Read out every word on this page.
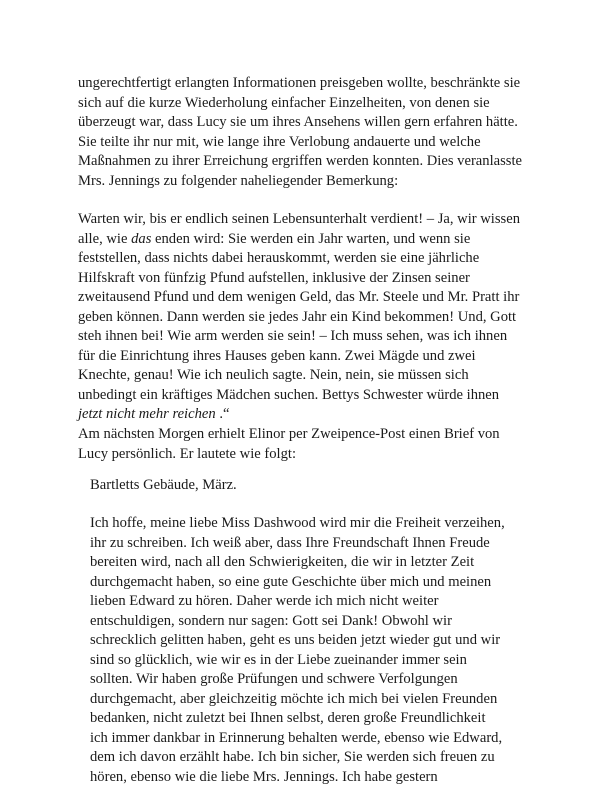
ungerechtfertigt erlangten Informationen preisgeben wollte, beschränkte sie
sich auf die kurze Wiederholung einfacher Einzelheiten, von denen sie
überzeugt war, dass Lucy sie um ihres Ansehens willen gern erfahren hätte.
Sie teilte ihr nur mit, wie lange ihre Verlobung andauerte und welche
Maßnahmen zu ihrer Erreichung ergriffen werden konnten. Dies veranlasste
Mrs. Jennings zu folgender naheliegender Bemerkung:
Warten wir, bis er endlich seinen Lebensunterhalt verdient! – Ja, wir wissen
alle, wie das enden wird: Sie werden ein Jahr warten, und wenn sie
feststellen, dass nichts dabei herauskommt, werden sie eine jährliche
Hilfskraft von fünfzig Pfund aufstellen, inklusive der Zinsen seiner
zweitausend Pfund und dem wenigen Geld, das Mr. Steele und Mr. Pratt ihr
geben können. Dann werden sie jedes Jahr ein Kind bekommen! Und, Gott
steh ihnen bei! Wie arm werden sie sein! – Ich muss sehen, was ich ihnen
für die Einrichtung ihres Hauses geben kann. Zwei Mägde und zwei
Knechte, genau! Wie ich neulich sagte. Nein, nein, sie müssen sich
unbedingt ein kräftiges Mädchen suchen. Bettys Schwester würde ihnen
jetzt nicht mehr reichen .“
Am nächsten Morgen erhielt Elinor per Zweipence-Post einen Brief von
Lucy persönlich. Er lautete wie folgt:
Bartletts Gebäude, März.
Ich hoffe, meine liebe Miss Dashwood wird mir die Freiheit verzeihen,
ihr zu schreiben. Ich weiß aber, dass Ihre Freundschaft Ihnen Freude
bereiten wird, nach all den Schwierigkeiten, die wir in letzter Zeit
durchgemacht haben, so eine gute Geschichte über mich und meinen
lieben Edward zu hören. Daher werde ich mich nicht weiter
entschuldigen, sondern nur sagen: Gott sei Dank! Obwohl wir
schrecklich gelitten haben, geht es uns beiden jetzt wieder gut und wir
sind so glücklich, wie wir es in der Liebe zueinander immer sein
sollten. Wir haben große Prüfungen und schwere Verfolgungen
durchgemacht, aber gleichzeitig möchte ich mich bei vielen Freunden
bedanken, nicht zuletzt bei Ihnen selbst, deren große Freundlichkeit
ich immer dankbar in Erinnerung behalten werde, ebenso wie Edward,
dem ich davon erzählt habe. Ich bin sicher, Sie werden sich freuen zu
hören, ebenso wie die liebe Mrs. Jennings. Ich habe gestern
